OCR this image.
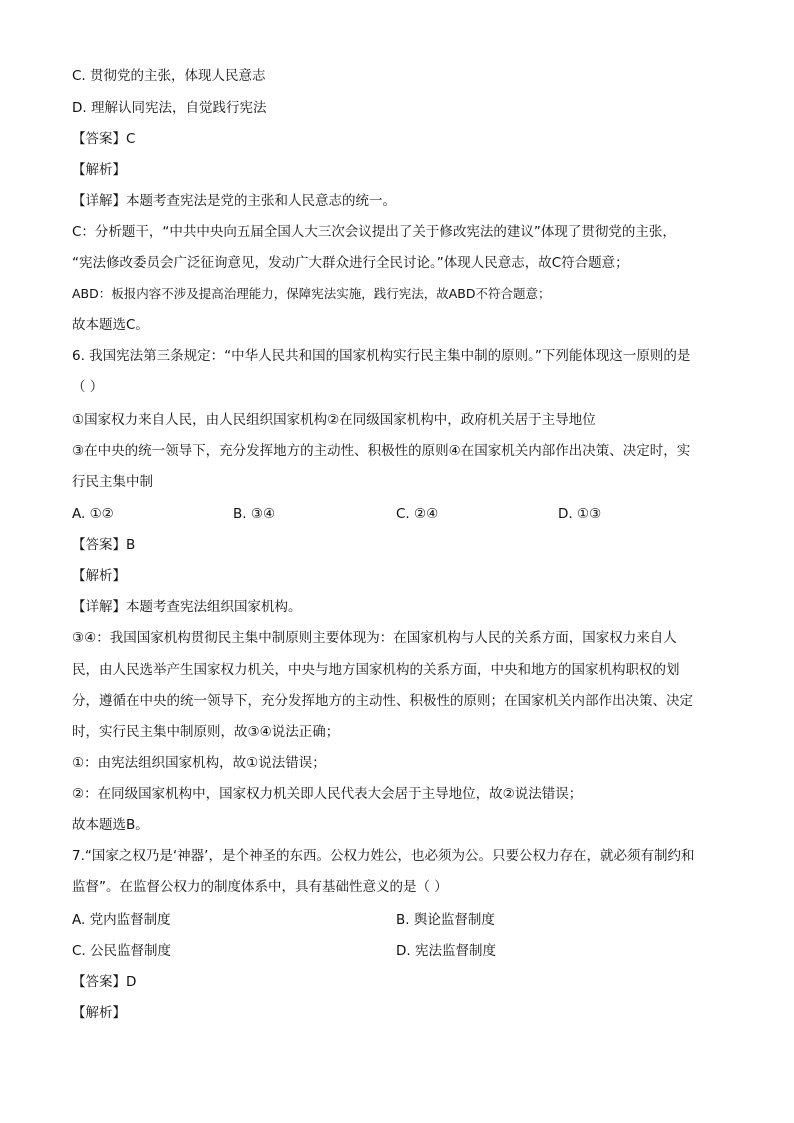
C. 贯彻党的主张，体现人民意志
D. 理解认同宪法，自觉践行宪法
【答案】C
【解析】
【详解】本题考查宪法是党的主张和人民意志的统一。
C：分析题干，“中共中央向五届全国人大三次会议提出了关于修改宪法的建议”体现了贯彻党的主张，
“宪法修改委员会广泛征询意见，发动广大群众进行全民讨论。”体现人民意志，故C符合题意；
ABD：板报内容不涉及提高治理能力，保障宪法实施，践行宪法，故ABD不符合题意；
故本题选C。
6. 我国宪法第三条规定：“中华人民共和国的国家机构实行民主集中制的原则。”下列能体现这一原则的是
（ ）
①国家权力来自人民，由人民组织国家机构②在同级国家机构中，政府机关居于主导地位
③在中央的统一领导下，充分发挥地方的主动性、积极性的原则④在国家机关内部作出决策、决定时，实
行民主集中制
A. ①②	B. ③④	C. ②④	D. ①③
【答案】B
【解析】
【详解】本题考查宪法组织国家机构。
③④：我国国家机构贯彻民主集中制原则主要体现为：在国家机构与人民的关系方面，国家权力来自人
民，由人民选举产生国家权力机关，中央与地方国家机构的关系方面，中央和地方的国家机构职权的划
分，遵循在中央的统一领导下，充分发挥地方的主动性、积极性的原则；在国家机关内部作出决策、决定
时，实行民主集中制原则，故③④说法正确；
①：由宪法组织国家机构，故①说法错误；
②：在同级国家机构中，国家权力机关即人民代表大会居于主导地位，故②说法错误；
故本题选B。
7.“国家之权乃是‘神器’，是个神圣的东西。公权力姓公，也必须为公。只要公权力存在，就必须有制约和
监督”。在监督公权力的制度体系中，具有基础性意义的是（ ）
A. 党内监督制度	B. 舆论监督制度
C. 公民监督制度	D. 宪法监督制度
【答案】D
【解析】
